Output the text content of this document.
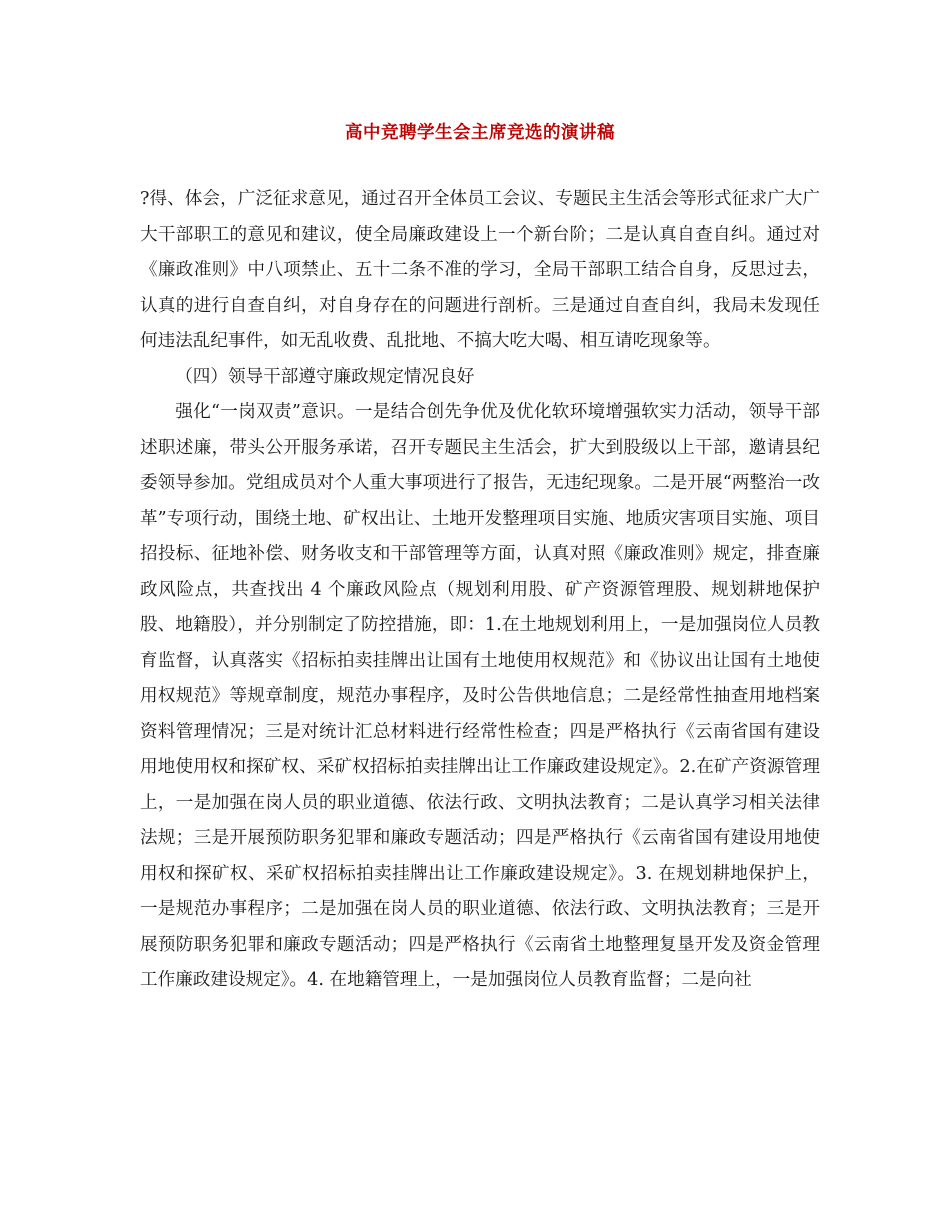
高中竞聘学生会主席竞选的演讲稿

?得、体会，广泛征求意见，通过召开全体员工会议、专题民主生活会等形式征求广大广大干部职工的意见和建议，使全局廉政建设上一个新台阶；二是认真自查自纠。通过对《廉政准则》中八项禁止、五十二条不准的学习，全局干部职工结合自身，反思过去，认真的进行自查自纠，对自身存在的问题进行剖析。三是通过自查自纠，我局未发现任何违法乱纪事件，如无乱收费、乱批地、不搞大吃大喝、相互请吃现象等。

（四）领导干部遵守廉政规定情况良好

强化“一岗双责”意识。一是结合创先争优及优化软环境增强软实力活动，领导干部述职述廉，带头公开服务承诺，召开专题民主生活会，扩大到股级以上干部，邀请县纪委领导参加。党组成员对个人重大事项进行了报告，无违纪现象。二是开展“两整治一改革”专项行动，围绕土地、矿权出让、土地开发整理项目实施、地质灾害项目实施、项目招投标、征地补偿、财务收支和干部管理等方面，认真对照《廉政准则》规定，排查廉政风险点，共查找出 4 个廉政风险点（规划利用股、矿产资源管理股、规划耕地保护股、地籍股），并分别制定了防控措施，即：1.在土地规划利用上，一是加强岗位人员教育监督，认真落实《招标拍卖挂牌出让国有土地使用权规范》和《协议出让国有土地使用权规范》等规章制度，规范办事程序，及时公告供地信息；二是经常性抽查用地档案资料管理情况；三是对统计汇总材料进行经常性检查；四是严格执行《云南省国有建设用地使用权和探矿权、采矿权招标拍卖挂牌出让工作廉政建设规定》。2.在矿产资源管理上，一是加强在岗人员的职业道德、依法行政、文明执法教育；二是认真学习相关法律法规；三是开展预防职务犯罪和廉政专题活动；四是严格执行《云南省国有建设用地使用权和探矿权、采矿权招标拍卖挂牌出让工作廉政建设规定》。3. 在规划耕地保护上，一是规范办事程序；二是加强在岗人员的职业道德、依法行政、文明执法教育；三是开展预防职务犯罪和廉政专题活动；四是严格执行《云南省土地整理复垦开发及资金管理工作廉政建设规定》。4. 在地籍管理上，一是加强岗位人员教育监督；二是向社
